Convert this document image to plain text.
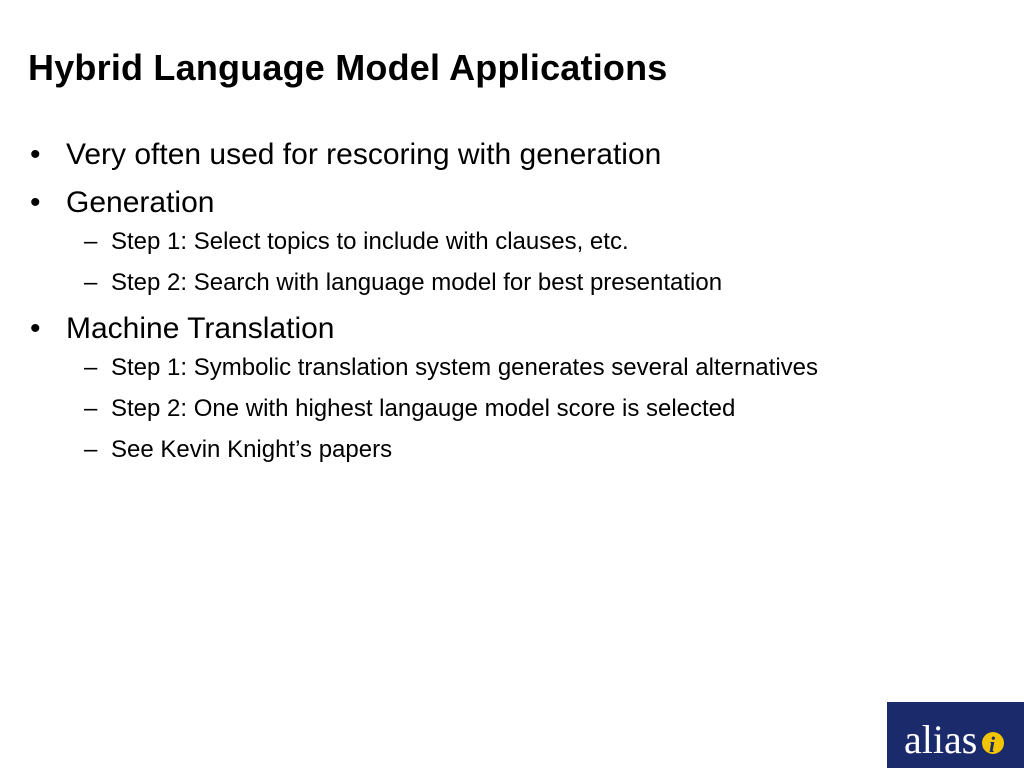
Hybrid Language Model Applications
• Very often used for rescoring with generation
• Generation
– Step 1: Select topics to include with clauses, etc.
– Step 2: Search with language model for best presentation
• Machine Translation
– Step 1: Symbolic translation system generates several alternatives
– Step 2: One with highest langauge model score is selected
– See Kevin Knight’s papers
alias i
